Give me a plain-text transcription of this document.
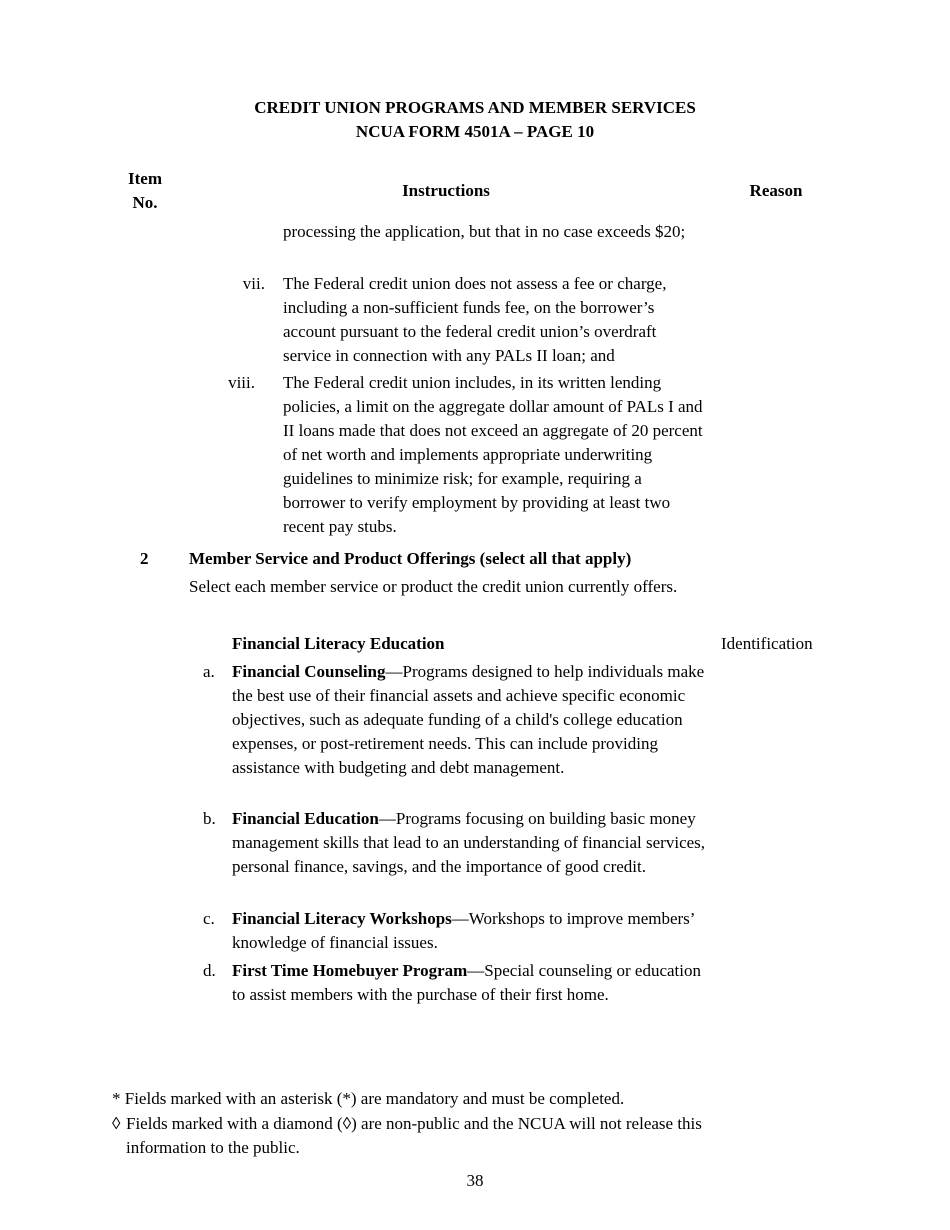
CREDIT UNION PROGRAMS AND MEMBER SERVICES
NCUA FORM 4501A – PAGE 10
Item
No.
Instructions	Reason
processing the application, but that in no case exceeds $20;
vii. The Federal credit union does not assess a fee or charge, including a non-sufficient funds fee, on the borrower’s account pursuant to the federal credit union’s overdraft service in connection with any PALs II loan; and
viii. The Federal credit union includes, in its written lending policies, a limit on the aggregate dollar amount of PALs I and II loans made that does not exceed an aggregate of 20 percent of net worth and implements appropriate underwriting guidelines to minimize risk; for example, requiring a borrower to verify employment by providing at least two recent pay stubs.
2 Member Service and Product Offerings (select all that apply)
Select each member service or product the credit union currently offers.
Financial Literacy Education	Identification
a. Financial Counseling—Programs designed to help individuals make the best use of their financial assets and achieve specific economic objectives, such as adequate funding of a child's college education expenses, or post-retirement needs. This can include providing assistance with budgeting and debt management.
b. Financial Education—Programs focusing on building basic money management skills that lead to an understanding of financial services, personal finance, savings, and the importance of good credit.
c. Financial Literacy Workshops—Workshops to improve members’ knowledge of financial issues.
d. First Time Homebuyer Program—Special counseling or education to assist members with the purchase of their first home.
* Fields marked with an asterisk (*) are mandatory and must be completed.
◊ Fields marked with a diamond (◊) are non-public and the NCUA will not release this information to the public.
38
